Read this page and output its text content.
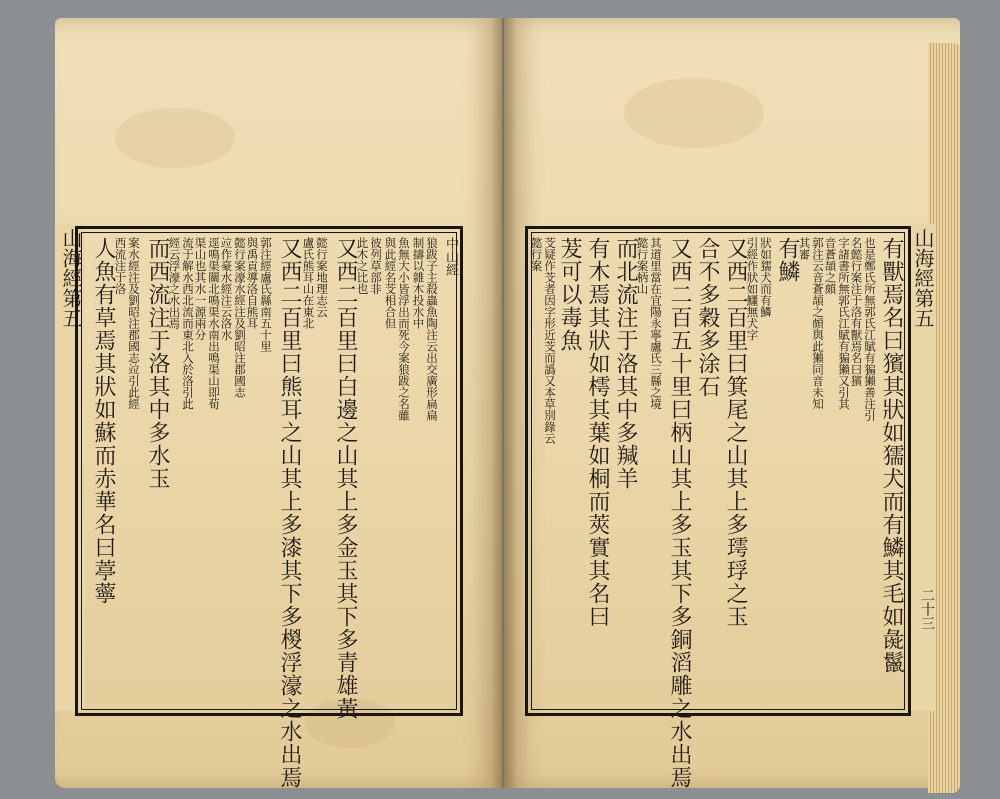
山海經第五	中山經
狼跋子主殺蟲魚陶注云出交廣形扁扁
制擣以雜木投水中
魚無大小皆浮出而死今案狼跋之名雖
與此經名芠相合但
彼列草部非
此木之比也
又西二百里曰白邊之山其上多金玉其下多青雄黃
懿行案地理志云
盧氏熊耳山在東北
又西二百里曰熊耳之山其上多漆其下多椶浮濠之水出焉
郭注經盧氏縣南五十里
與禹貢導洛自熊耳
懿行案濠水經注及劉昭注郡國志
竝作豪水經注云洛水
逕鳴渠關北鳴渠水南出鳴渠山即荀
渠山也其水一源兩分
流于解水西北流而東北入於洛引此
經云浮濠之水出焉
而西流注于洛其中多水玉
案水經注及劉昭注郡國志竝引此經
西流注于洛
人魚有草焉其狀如蘇而赤華名曰葶薴	山海經第五
二十三
有獸焉名曰獱其狀如獳犬而有鱗其毛如彘鬣
也是鄭氏所無郭氏江賦有猵獺善注引
名懿行案注于洛有獸焉名曰獱
字諸書所無郭氏江賦有猵獺又引其
音蒼頡之頗
郭注云音蒼頡之頗與此獺同音未知
其審
有鱗
狀如獳犬而有鱗
引經作狀如鱷無犬字
又西二百里曰箕尾之山其上多㻬琈之玉
合不多穀多涂石
又西二百五十里曰柄山其上多玉其下多銅滔雕之水出焉
其道里當在宜陽永寧盧氏三縣之境
懿行案柄山
而北流注于洛其中多羬羊
有木焉其狀如樗其葉如桐而莢實其名曰
茇可以毒魚
芠疑作芠者因字形近芠而譌又本草別錄云
懿行案
